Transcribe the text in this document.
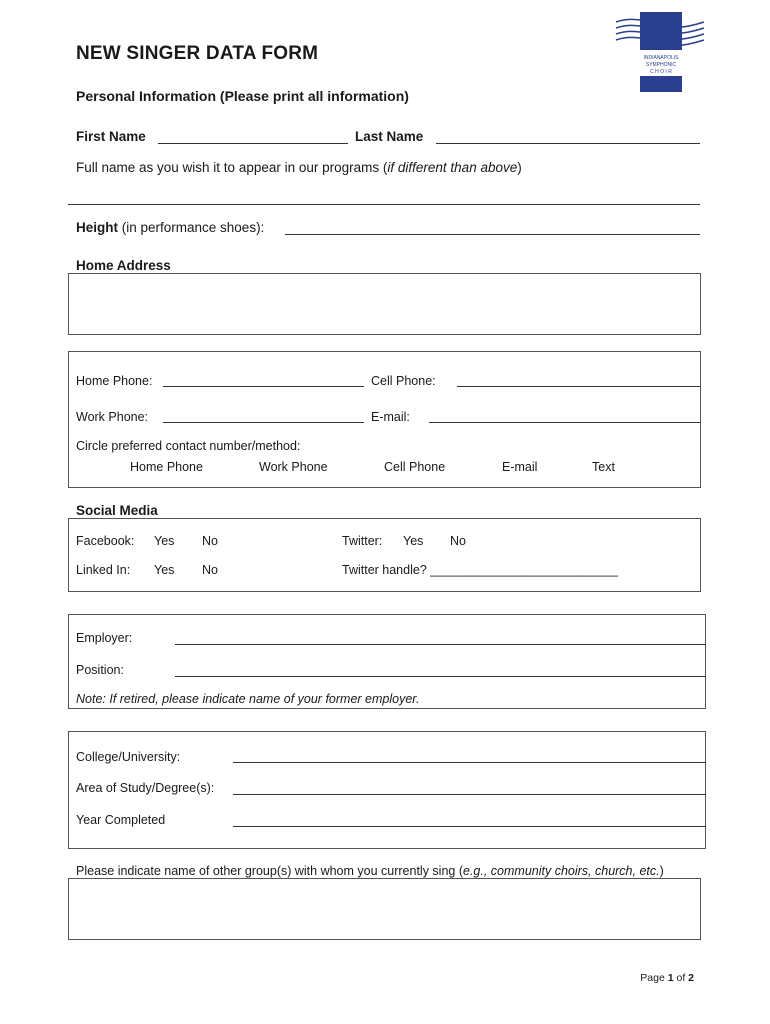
INDIANAPOLIS
SYMPHONIC
C H O I R
NEW SINGER DATA FORM
Personal Information (Please print all information)
First Name	Last Name
Full name as you wish it to appear in our programs (if different than above)
Height (in performance shoes):
Home Address
Home Phone:	Cell Phone:
Work Phone:	E-mail:
Circle preferred contact number/method:
Home Phone	Work Phone	Cell Phone	E-mail	Text
Social Media
Facebook: Yes No	Twitter: Yes No
Linked In: Yes No	Twitter handle? ___________________________
Employer:
Position:
Note: If retired, please indicate name of your former employer.
College/University:
Area of Study/Degree(s):
Year Completed
Please indicate name of other group(s) with whom you currently sing (e.g., community choirs, church, etc.)
Page 1 of 2
